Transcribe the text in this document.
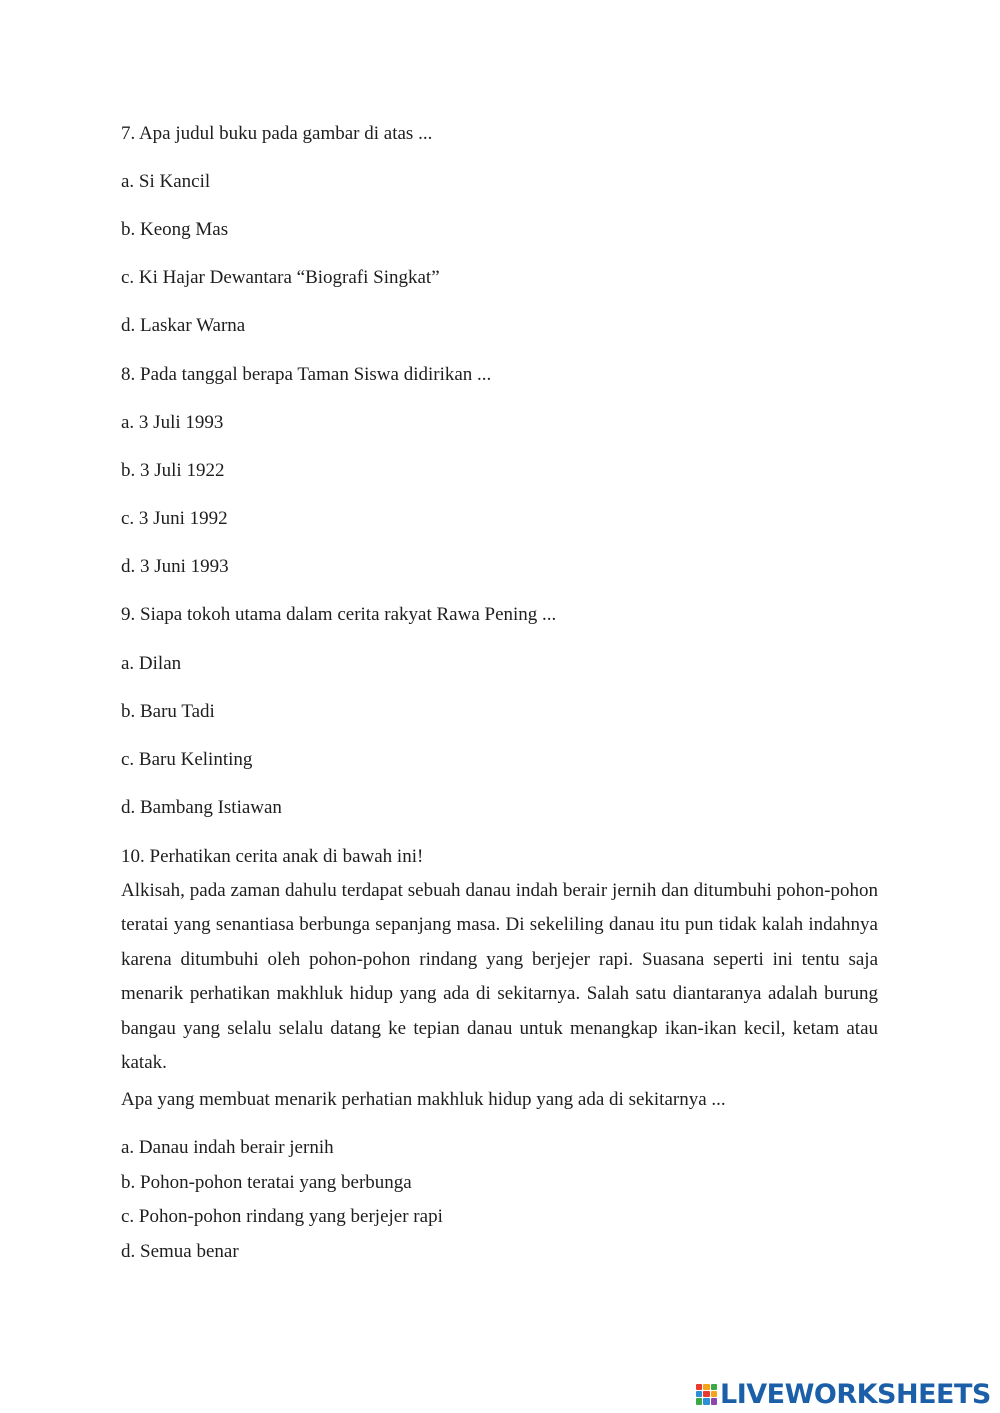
7. Apa judul buku pada gambar di atas ...
a. Si Kancil
b. Keong Mas
c. Ki Hajar Dewantara “Biografi Singkat”
d. Laskar Warna
8. Pada tanggal berapa Taman Siswa didirikan ...
a. 3 Juli 1993
b. 3 Juli 1922
c. 3 Juni 1992
d. 3 Juni 1993
9. Siapa tokoh utama dalam cerita rakyat Rawa Pening ...
a. Dilan
b. Baru Tadi
c. Baru Kelinting
d. Bambang Istiawan
10. Perhatikan cerita anak di bawah ini!
Alkisah, pada zaman dahulu terdapat sebuah danau indah berair jernih dan ditumbuhi pohon-pohon teratai yang senantiasa berbunga sepanjang masa. Di sekeliling danau itu pun tidak kalah indahnya karena ditumbuhi oleh pohon-pohon rindang yang berjejer rapi. Suasana seperti ini tentu saja menarik perhatikan makhluk hidup yang ada di sekitarnya. Salah satu diantaranya adalah burung bangau yang selalu selalu datang ke tepian danau untuk menangkap ikan-ikan kecil, ketam atau katak.
Apa yang membuat menarik perhatian makhluk hidup yang ada di sekitarnya ...
a. Danau indah berair jernih
b. Pohon-pohon teratai yang berbunga
c. Pohon-pohon rindang yang berjejer rapi
d. Semua benar
LIVEWORKSHEETS
